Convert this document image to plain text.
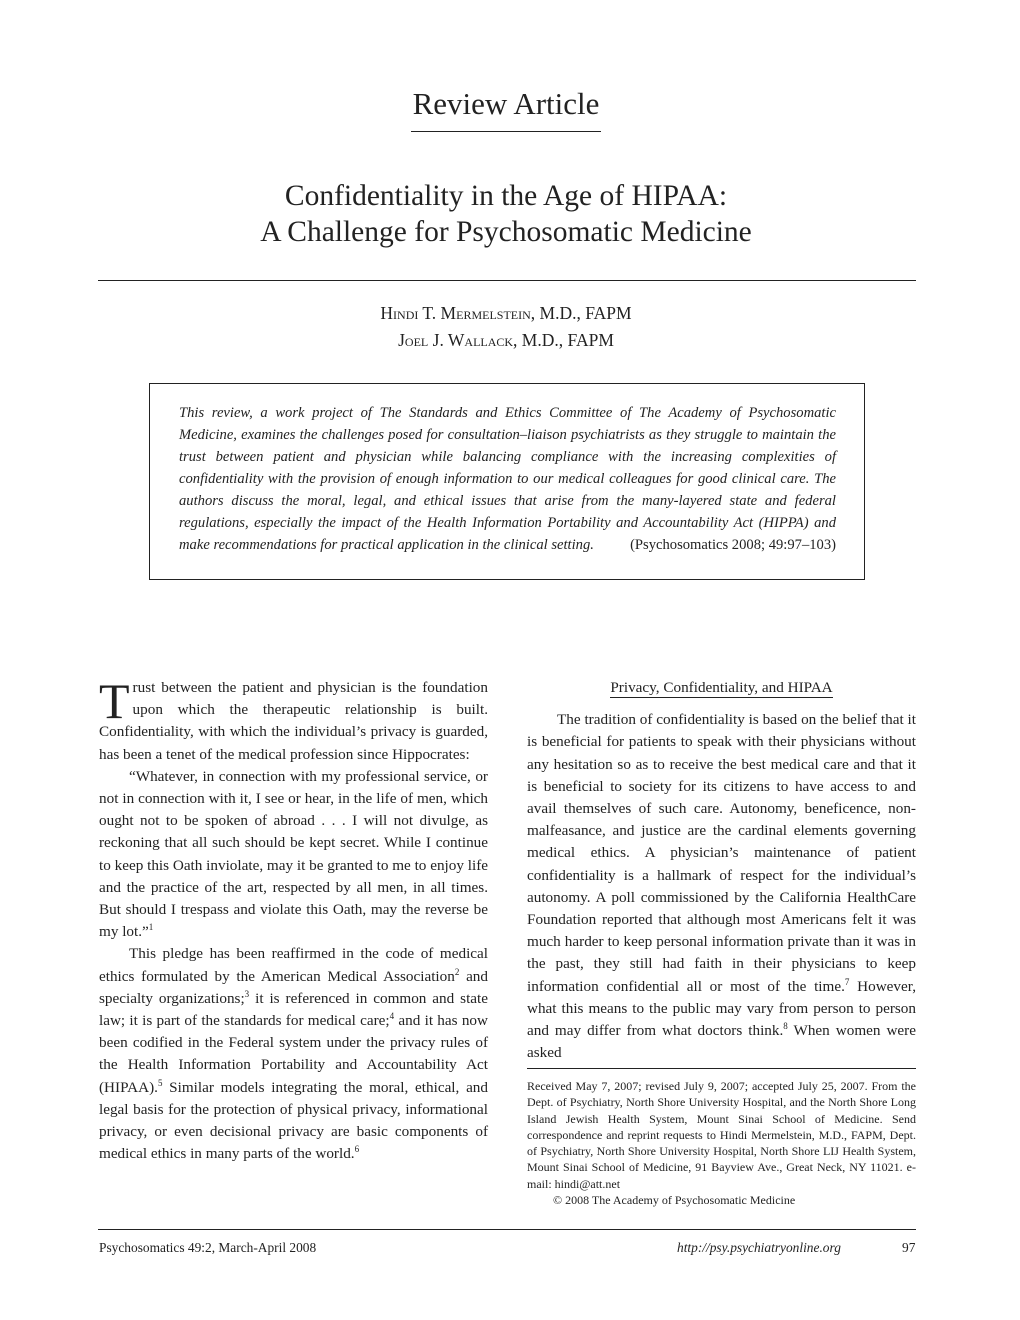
Review Article
Confidentiality in the Age of HIPAA:
A Challenge for Psychosomatic Medicine
Hindi T. Mermelstein, M.D., FAPM
Joel J. Wallack, M.D., FAPM
This review, a work project of The Standards and Ethics Committee of The Academy of Psychosomatic Medicine, examines the challenges posed for consultation–liaison psychiatrists as they struggle to maintain the trust between patient and physician while balancing compliance with the increasing complexities of confidentiality with the provision of enough information to our medical colleagues for good clinical care. The authors discuss the moral, legal, and ethical issues that arise from the many-layered state and federal regulations, especially the impact of the Health Information Portability and Accountability Act (HIPPA) and make recommendations for practical application in the clinical setting. (Psychosomatics 2008; 49:97–103)

Trust between the patient and physician is the foundation upon which the therapeutic relationship is built. Confidentiality, with which the individual’s privacy is guarded, has been a tenet of the medical profession since Hippocrates:

“Whatever, in connection with my professional service, or not in connection with it, I see or hear, in the life of men, which ought not to be spoken of abroad . . . I will not divulge, as reckoning that all such should be kept secret. While I continue to keep this Oath inviolate, may it be granted to me to enjoy life and the practice of the art, respected by all men, in all times. But should I trespass and violate this Oath, may the reverse be my lot.”$^1$

This pledge has been reaffirmed in the code of medical ethics formulated by the American Medical Association$^2$ and specialty organizations;$^3$ it is referenced in common and state law; it is part of the standards for medical care;$^4$ and it has now been codified in the Federal system under the privacy rules of the Health Information Portability and Accountability Act (HIPAA).$^5$ Similar models integrating the moral, ethical, and legal basis for the protection of physical privacy, informational privacy, or even decisional privacy are basic components of medical ethics in many parts of the world.$^6$

Privacy, Confidentiality, and HIPAA

The tradition of confidentiality is based on the belief that it is beneficial for patients to speak with their physicians without any hesitation so as to receive the best medical care and that it is beneficial to society for its citizens to have access to and avail themselves of such care. Autonomy, beneficence, non-malfeasance, and justice are the cardinal elements governing medical ethics. A physician’s maintenance of patient confidentiality is a hallmark of respect for the individual’s autonomy. A poll commissioned by the California HealthCare Foundation reported that although most Americans felt it was much harder to keep personal information private than it was in the past, they still had faith in their physicians to keep information confidential all or most of the time.$^7$ However, what this means to the public may vary from person to person and may differ from what doctors think.$^8$ When women were asked

Received May 7, 2007; revised July 9, 2007; accepted July 25, 2007. From the Dept. of Psychiatry, North Shore University Hospital, and the North Shore Long Island Jewish Health System, Mount Sinai School of Medicine. Send correspondence and reprint requests to Hindi Mermelstein, M.D., FAPM, Dept. of Psychiatry, North Shore University Hospital, North Shore LIJ Health System, Mount Sinai School of Medicine, 91 Bayview Ave., Great Neck, NY 11021. e-mail: hindi@att.net
© 2008 The Academy of Psychosomatic Medicine
Psychosomatics 49:2, March-April 2008	http://psy.psychiatryonline.org	97
